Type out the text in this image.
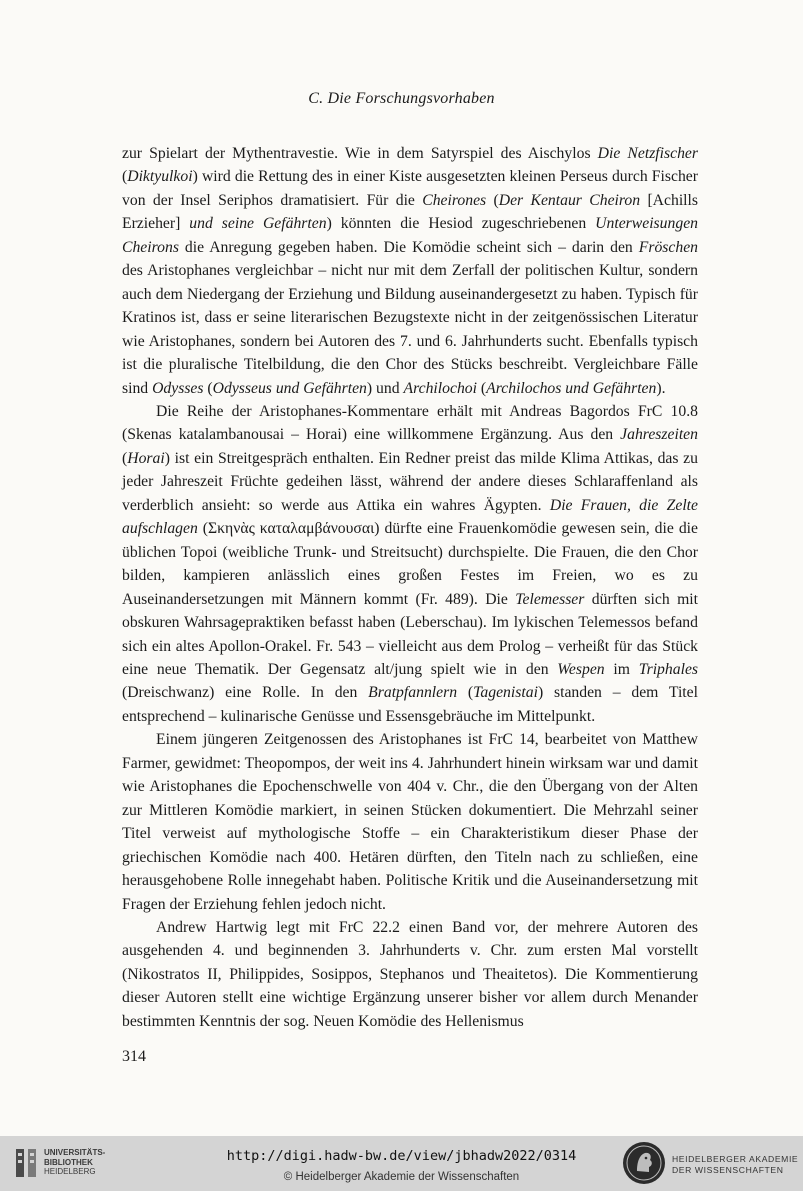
C. Die Forschungsvorhaben

zur Spielart der Mythentravestie. Wie in dem Satyrspiel des Aischylos Die Netzfischer (Diktyulkoi) wird die Rettung des in einer Kiste ausgesetzten kleinen Perseus durch Fischer von der Insel Seriphos dramatisiert. Für die Cheirones (Der Kentaur Cheiron [Achills Erzieher] und seine Gefährten) könnten die Hesiod zugeschriebenen Unterweisungen Cheirons die Anregung gegeben haben. Die Komödie scheint sich – darin den Fröschen des Aristophanes vergleichbar – nicht nur mit dem Zerfall der politischen Kultur, sondern auch dem Niedergang der Erziehung und Bildung auseinandergesetzt zu haben. Typisch für Kratinos ist, dass er seine literarischen Bezugstexte nicht in der zeitgenössischen Literatur wie Aristophanes, sondern bei Autoren des 7. und 6. Jahrhunderts sucht. Ebenfalls typisch ist die pluralische Titelbildung, die den Chor des Stücks beschreibt. Vergleichbare Fälle sind Odysses (Odysseus und Gefährten) und Archilochoi (Archilochos und Gefährten).

Die Reihe der Aristophanes-Kommentare erhält mit Andreas Bagordos FrC 10.8 (Skenas katalambanousai – Horai) eine willkommene Ergänzung. Aus den Jahreszeiten (Horai) ist ein Streitgespräch enthalten. Ein Redner preist das milde Klima Attikas, das zu jeder Jahreszeit Früchte gedeihen lässt, während der andere dieses Schlaraffenland als verderblich ansieht: so werde aus Attika ein wahres Ägypten. Die Frauen, die Zelte aufschlagen (Σκηνὰς καταλαμβάνουσαι) dürfte eine Frauenkomödie gewesen sein, die die üblichen Topoi (weibliche Trunk- und Streitsucht) durchspielte. Die Frauen, die den Chor bilden, kampieren anlässlich eines großen Festes im Freien, wo es zu Auseinandersetzungen mit Männern kommt (Fr. 489). Die Telemesser dürften sich mit obskuren Wahrsagepraktiken befasst haben (Leberschau). Im lykischen Telemessos befand sich ein altes Apollon-Orakel. Fr. 543 – vielleicht aus dem Prolog – verheißt für das Stück eine neue Thematik. Der Gegensatz alt/jung spielt wie in den Wespen im Triphales (Dreischwanz) eine Rolle. In den Bratpfannlern (Tagenistai) standen – dem Titel entsprechend – kulinarische Genüsse und Essensgebräuche im Mittelpunkt.

Einem jüngeren Zeitgenossen des Aristophanes ist FrC 14, bearbeitet von Matthew Farmer, gewidmet: Theopompos, der weit ins 4. Jahrhundert hinein wirksam war und damit wie Aristophanes die Epochenschwelle von 404 v. Chr., die den Übergang von der Alten zur Mittleren Komödie markiert, in seinen Stücken dokumentiert. Die Mehrzahl seiner Titel verweist auf mythologische Stoffe – ein Charakteristikum dieser Phase der griechischen Komödie nach 400. Hetären dürften, den Titeln nach zu schließen, eine herausgehobene Rolle innegehabt haben. Politische Kritik und die Auseinandersetzung mit Fragen der Erziehung fehlen jedoch nicht.

Andrew Hartwig legt mit FrC 22.2 einen Band vor, der mehrere Autoren des ausgehenden 4. und beginnenden 3. Jahrhunderts v. Chr. zum ersten Mal vorstellt (Nikostratos II, Philippides, Sosippos, Stephanos und Theaitetos). Die Kommentierung dieser Autoren stellt eine wichtige Ergänzung unserer bisher vor allem durch Menander bestimmten Kenntnis der sog. Neuen Komödie des Hellenismus

314
UNIVERSITÄTS-
BIBLIOTHEK
HEIDELBERG
http://digi.hadw-bw.de/view/jbhadw2022/0314
© Heidelberger Akademie der Wissenschaften
HEIDELBERGER AKADEMIE
DER WISSENSCHAFTEN
